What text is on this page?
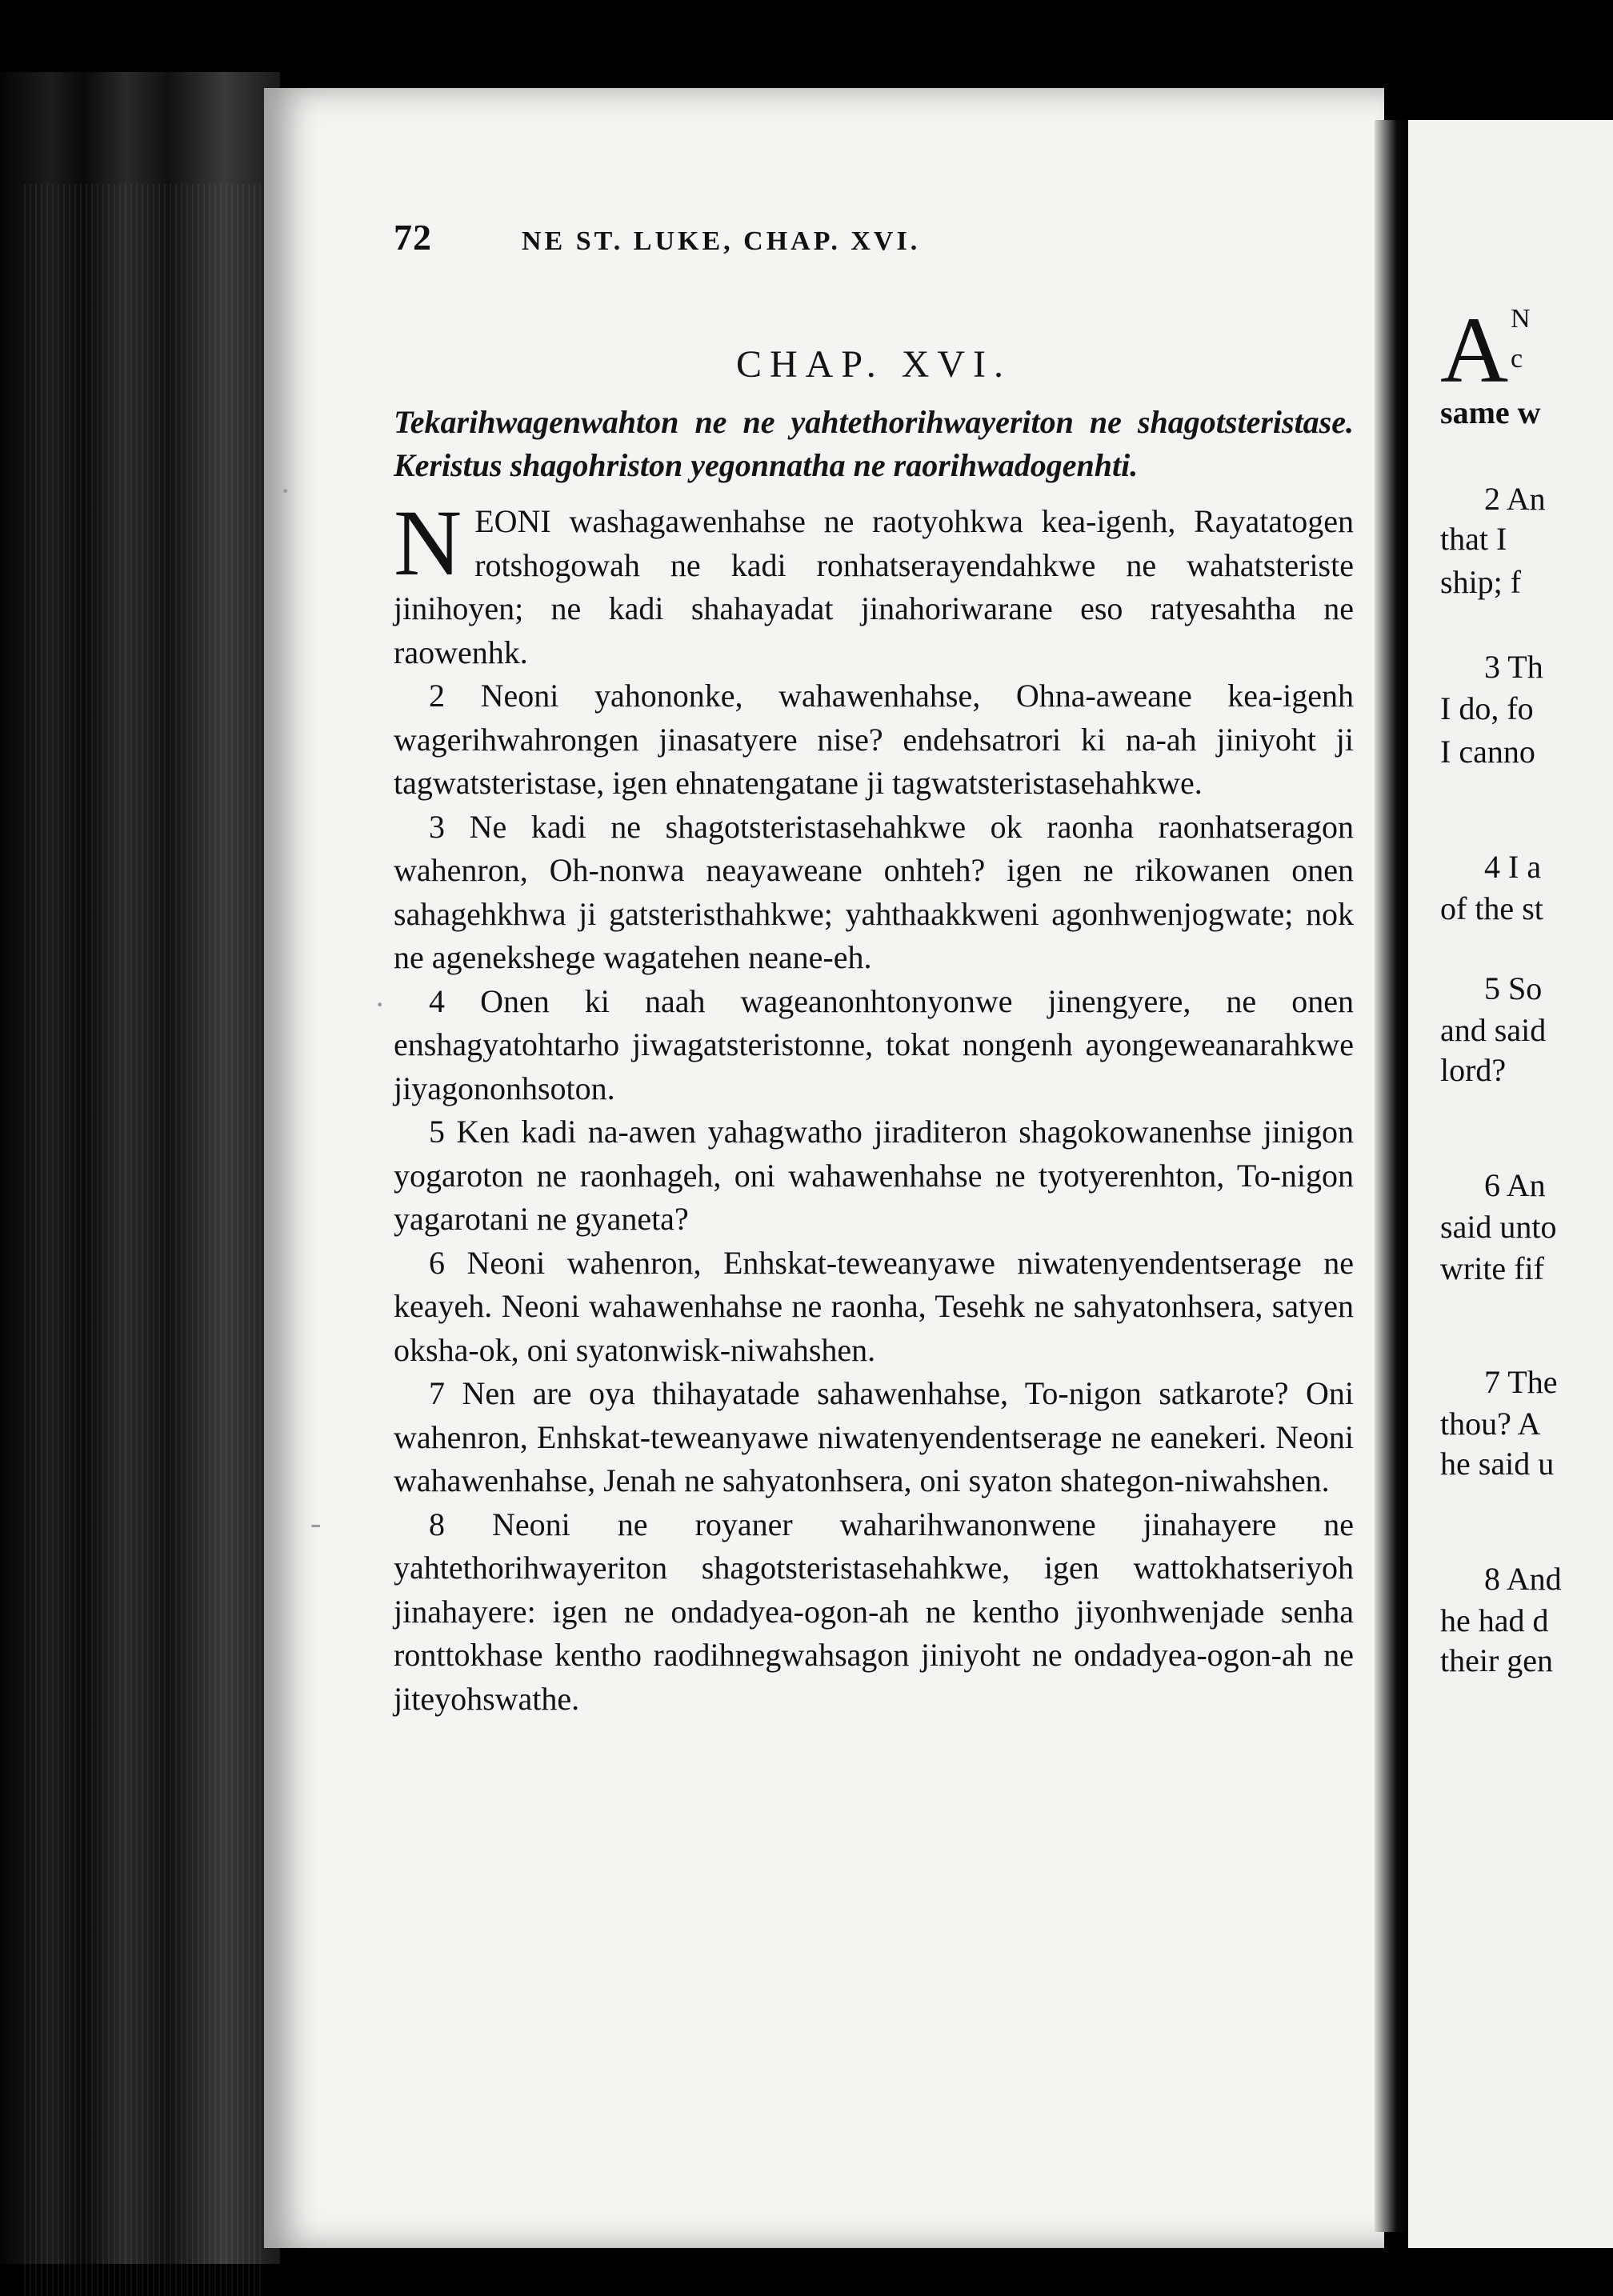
A N
c
same w
2 An
that I
ship; f
3 Th
I do, fo
I canno
4 I a
of the st
5 So
and said
lord?
6 An
said unto
write fif
7 The
thou? A
he said u
8 And
he had d
their gen
72	NE ST. LUKE, CHAP. XVI.
CHAP. XVI.

Tekarihwagenwahton ne ne yahtethorihwayeriton ne shagotsteristase. Keristus shagohriston yegonnatha ne raorihwadogenhti.

NEONI washagawenhahse ne raotyohkwa kea-igenh, Rayatatogen rotshogowah ne kadi ronhatserayendahkwe ne wahatsteriste jinihoyen; ne kadi shahayadat jinahoriwarane eso ratyesahtha ne raowenhk.

2 Neoni yahononke, wahawenhahse, Ohna-aweane kea-igenh wagerihwahrongen jinasatyere nise? endehsatrori ki na-ah jiniyoht ji tagwatsteristase, igen ehnatengatane ji tagwatsteristasehahkwe.

3 Ne kadi ne shagotsteristasehahkwe ok raonha raonhatseragon wahenron, Oh-nonwa neayaweane onhteh? igen ne rikowanen onen sahagehkhwa ji gatsteristhahkwe; yahthaakkweni agonhwenjogwate; nok ne agenekshege wagatehen neane-eh.

4 Onen ki naah wageanonhtonyonwe jinengyere, ne onen enshagyatohtarho jiwagatsteristonne, tokat nongenh ayongeweanarahkwe jiyagononhsoton.

5 Ken kadi na-awen yahagwatho jiraditeron shagokowanenhse jinigon yogaroton ne raonhageh, oni wahawenhahse ne tyotyerenhton, To-nigon yagarotani ne gyaneta?

6 Neoni wahenron, Enhskat-teweanyawe niwatenyendentserage ne keayeh. Neoni wahawenhahse ne raonha, Tesehk ne sahyatonhsera, satyen oksha-ok, oni syatonwisk-niwahshen.

7 Nen are oya thihayatade sahawenhahse, To-nigon satkarote? Oni wahenron, Enhskat-teweanyawe niwatenyendentserage ne eanekeri. Neoni wahawenhahse, Jenah ne sahyatonhsera, oni syaton shategon-niwahshen.

8 Neoni ne royaner waharihwanonwene jinahayere ne yahtethorihwayeriton shagotsteristasehahkwe, igen wattokhatseriyoh jinahayere: igen ne ondadyea-ogon-ah ne kentho jiyonhwenjade senha ronttokhase kentho raodihnegwahsagon jiniyoht ne ondadyea-ogon-ah ne jiteyohswathe.

·
·
-
